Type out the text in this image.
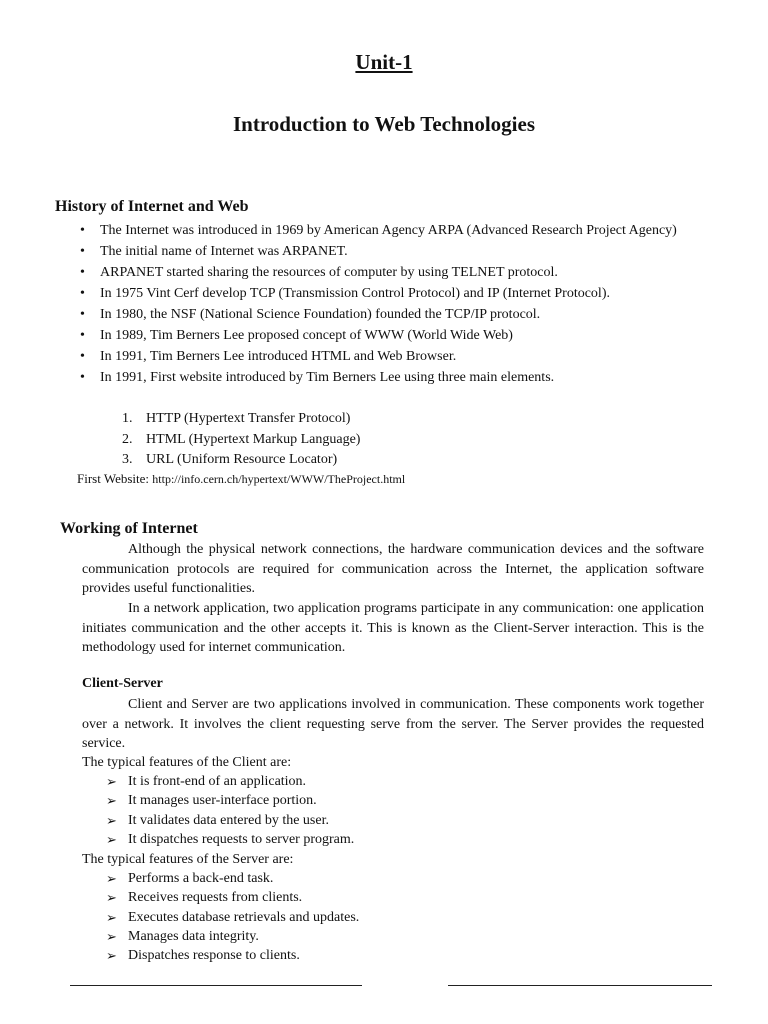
Unit-1
Introduction to Web Technologies
History of Internet and Web
• The Internet was introduced in 1969 by American Agency ARPA (Advanced Research Project Agency)
• The initial name of Internet was ARPANET.
• ARPANET started sharing the resources of computer by using TELNET protocol.
• In 1975 Vint Cerf develop TCP (Transmission Control Protocol) and IP (Internet Protocol).
• In 1980, the NSF (National Science Foundation) founded the TCP/IP protocol.
• In 1989, Tim Berners Lee proposed concept of WWW (World Wide Web)
• In 1991, Tim Berners Lee introduced HTML and Web Browser.
• In 1991, First website introduced by Tim Berners Lee using three main elements.
1. HTTP (Hypertext Transfer Protocol)
2. HTML (Hypertext Markup Language)
3. URL (Uniform Resource Locator)
First Website: http://info.cern.ch/hypertext/WWW/TheProject.html
Working of Internet

Although the physical network connections, the hardware communication devices and the software communication protocols are required for communication across the Internet, the application software provides useful functionalities.

In a network application, two application programs participate in any communication: one application initiates communication and the other accepts it. This is known as the Client-Server interaction. This is the methodology used for internet communication.

Client-Server

Client and Server are two applications involved in communication. These components work together over a network. It involves the client requesting serve from the server. The Server provides the requested service.

The typical features of the Client are:

➢ It is front-end of an application.
➢ It manages user-interface portion.
➢ It validates data entered by the user.
➢ It dispatches requests to server program.

The typical features of the Server are:

➢ Performs a back-end task.
➢ Receives requests from clients.
➢ Executes database retrievals and updates.
➢ Manages data integrity.
➢ Dispatches response to clients.
